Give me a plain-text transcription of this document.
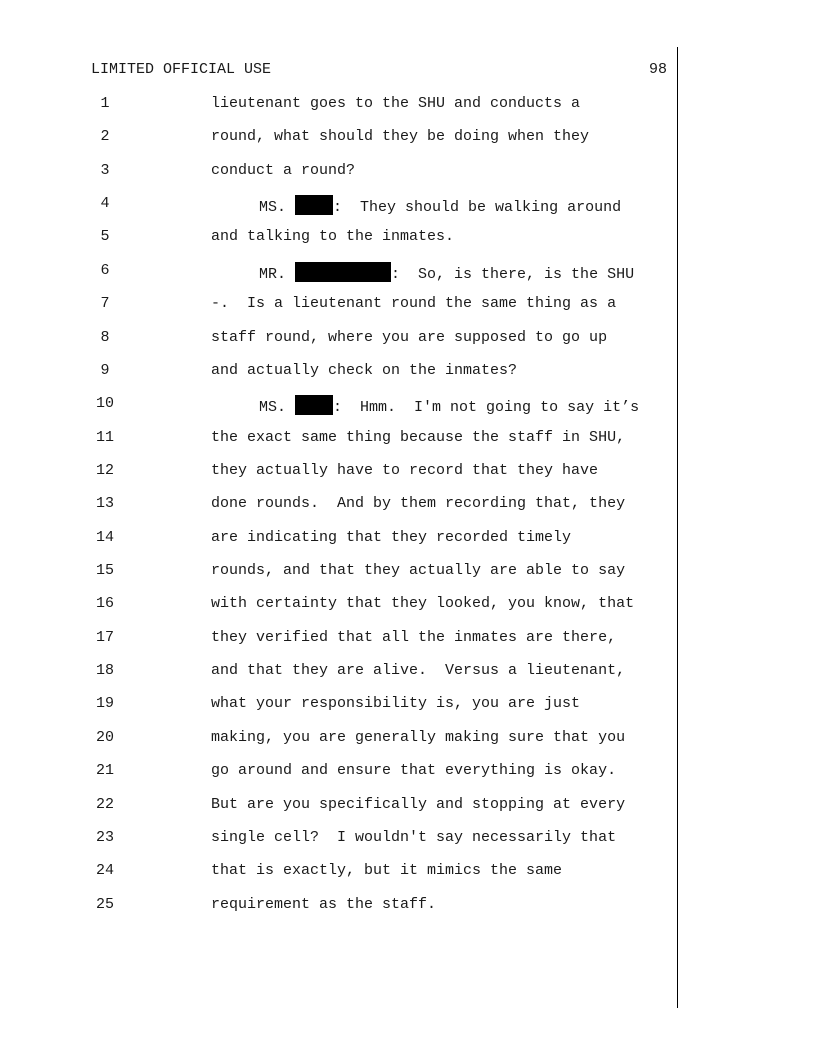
LIMITED OFFICIAL USE	98
1	lieutenant goes to the SHU and conducts a
2	round, what should they be doing when they
3	conduct a round?
4	MS.	:  They should be walking around
5	and talking to the inmates.
6	MR.	:  So, is there, is the SHU
7	-.  Is a lieutenant round the same thing as a
8	staff round, where you are supposed to go up
9	and actually check on the inmates?
10	MS.	:  Hmm.  I'm not going to say it’s
11	the exact same thing because the staff in SHU,
12	they actually have to record that they have
13	done rounds.  And by them recording that, they
14	are indicating that they recorded timely
15	rounds, and that they actually are able to say
16	with certainty that they looked, you know, that
17	they verified that all the inmates are there,
18	and that they are alive.  Versus a lieutenant,
19	what your responsibility is, you are just
20	making, you are generally making sure that you
21	go around and ensure that everything is okay.
22	But are you specifically and stopping at every
23	single cell?  I wouldn't say necessarily that
24	that is exactly, but it mimics the same
25	requirement as the staff.
